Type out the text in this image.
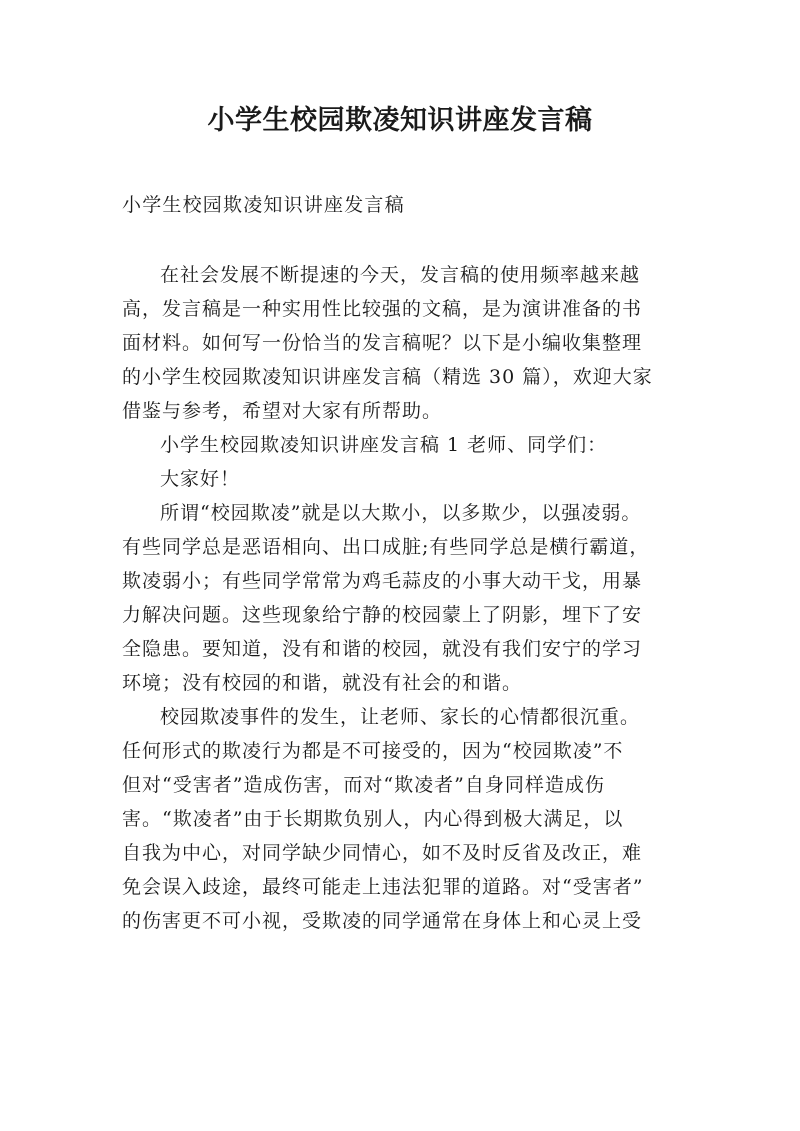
小学生校园欺凌知识讲座发言稿
小学生校园欺凌知识讲座发言稿

在社会发展不断提速的今天，发言稿的使用频率越来越
高，发言稿是一种实用性比较强的文稿，是为演讲准备的书
面材料。如何写一份恰当的发言稿呢？以下是小编收集整理
的小学生校园欺凌知识讲座发言稿（精选 30 篇），欢迎大家
借鉴与参考，希望对大家有所帮助。

小学生校园欺凌知识讲座发言稿 1 老师、同学们：

大家好！

所谓“校园欺凌”就是以大欺小，以多欺少，以强凌弱。
有些同学总是恶语相向、出口成脏;有些同学总是横行霸道，
欺凌弱小；有些同学常常为鸡毛蒜皮的小事大动干戈，用暴
力解决问题。这些现象给宁静的校园蒙上了阴影，埋下了安
全隐患。要知道，没有和谐的校园，就没有我们安宁的学习
环境；没有校园的和谐，就没有社会的和谐。

校园欺凌事件的发生，让老师、家长的心情都很沉重。
任何形式的欺凌行为都是不可接受的，因为“校园欺凌”不
但对“受害者”造成伤害，而对“欺凌者”自身同样造成伤
害。“欺凌者”由于长期欺负别人，内心得到极大满足，以
自我为中心，对同学缺少同情心，如不及时反省及改正，难
免会误入歧途，最终可能走上违法犯罪的道路。对“受害者”
的伤害更不可小视，受欺凌的同学通常在身体上和心灵上受
